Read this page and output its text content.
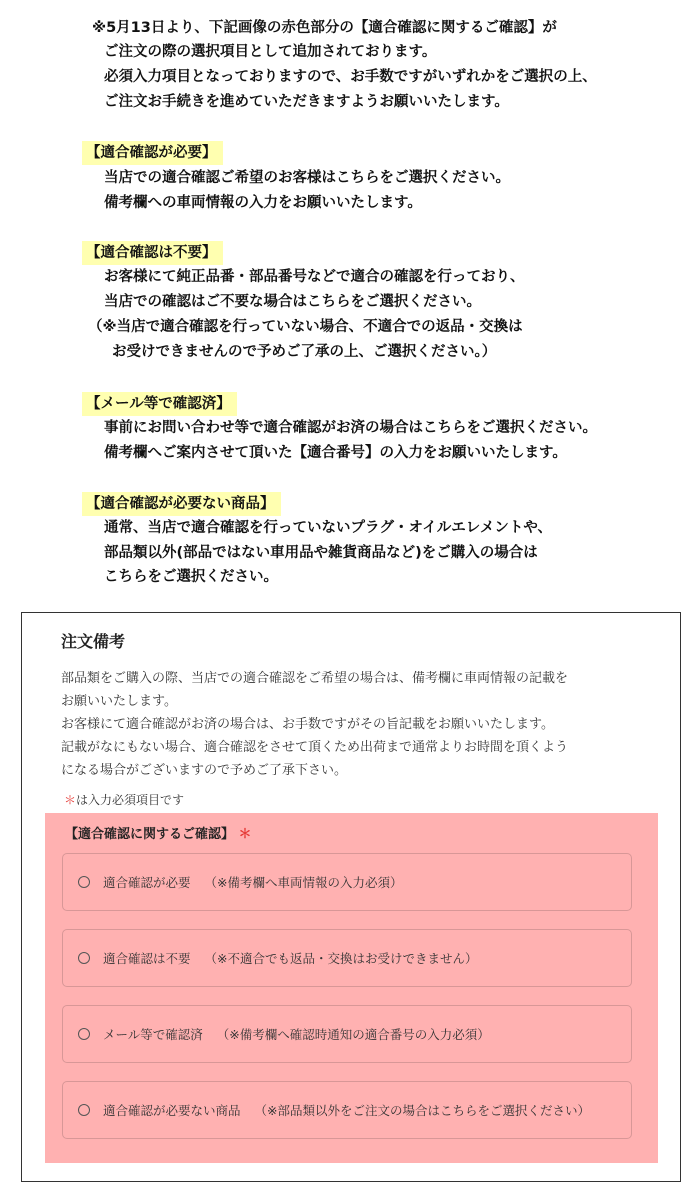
※5月13日より、下記画像の赤色部分の【適合確認に関するご確認】が
ご注文の際の選択項目として追加されております。
必須入力項目となっておりますので、お手数ですがいずれかをご選択の上、
ご注文お手続きを進めていただきますようお願いいたします。
【適合確認が必要】
当店での適合確認ご希望のお客様はこちらをご選択ください。
備考欄への車両情報の入力をお願いいたします。
【適合確認は不要】
お客様にて純正品番・部品番号などで適合の確認を行っており、
当店での確認はご不要な場合はこちらをご選択ください。
（※当店で適合確認を行っていない場合、不適合での返品・交換は
お受けできませんので予めご了承の上、ご選択ください。）
【メール等で確認済】
事前にお問い合わせ等で適合確認がお済の場合はこちらをご選択ください。
備考欄へご案内させて頂いた【適合番号】の入力をお願いいたします。
【適合確認が必要ない商品】
通常、当店で適合確認を行っていないプラグ・オイルエレメントや、
部品類以外(部品ではない車用品や雑貨商品など)をご購入の場合は
こちらをご選択ください。
注文備考
部品類をご購入の際、当店での適合確認をご希望の場合は、備考欄に車両情報の記載を
お願いいたします。
お客様にて適合確認がお済の場合は、お手数ですがその旨記載をお願いいたします。
記載がなにもない場合、適合確認をさせて頂くため出荷まで通常よりお時間を頂くよう
になる場合がございますので予めご了承下さい。
＊は入力必須項目です
【適合確認に関するご確認】 ＊
適合確認が必要 （※備考欄へ車両情報の入力必須）
適合確認は不要 （※不適合でも返品・交換はお受けできません）
メール等で確認済 （※備考欄へ確認時通知の適合番号の入力必須）
適合確認が必要ない商品 （※部品類以外をご注文の場合はこちらをご選択ください）
